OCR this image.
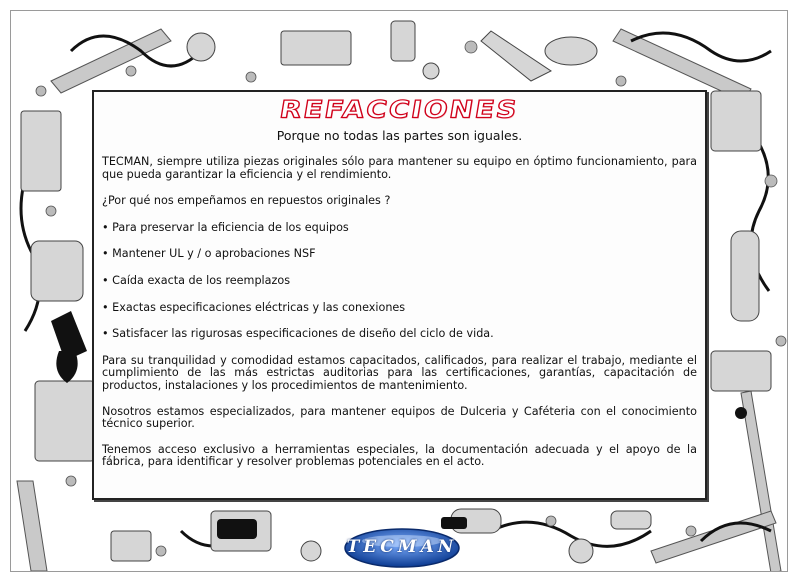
TECMAN
REFACCIONES
Porque no todas las partes son iguales.

TECMAN, siempre utiliza piezas originales sólo para mantener su equipo en óptimo funcionamiento, para que pueda garantizar la eficiencia y el rendimiento.

¿Por qué nos empeñamos en repuestos originales ?

• Para preservar la eficiencia de los equipos

• Mantener UL y / o aprobaciones NSF

• Caída exacta de los reemplazos

• Exactas especificaciones eléctricas y las conexiones

• Satisfacer las rigurosas especificaciones de diseño del ciclo de vida.

Para su tranquilidad y comodidad estamos capacitados, calificados, para realizar el trabajo, mediante el cumplimiento de las más estrictas auditorias para las certificaciones, garantías, capacitación de productos, instalaciones y los procedimientos de mantenimiento.

Nosotros estamos especializados, para mantener equipos de Dulceria y Caféteria con el conocimiento técnico superior.

Tenemos acceso exclusivo a herramientas especiales, la documentación adecuada y el apoyo de la fábrica, para identificar y resolver problemas potenciales en el acto.
